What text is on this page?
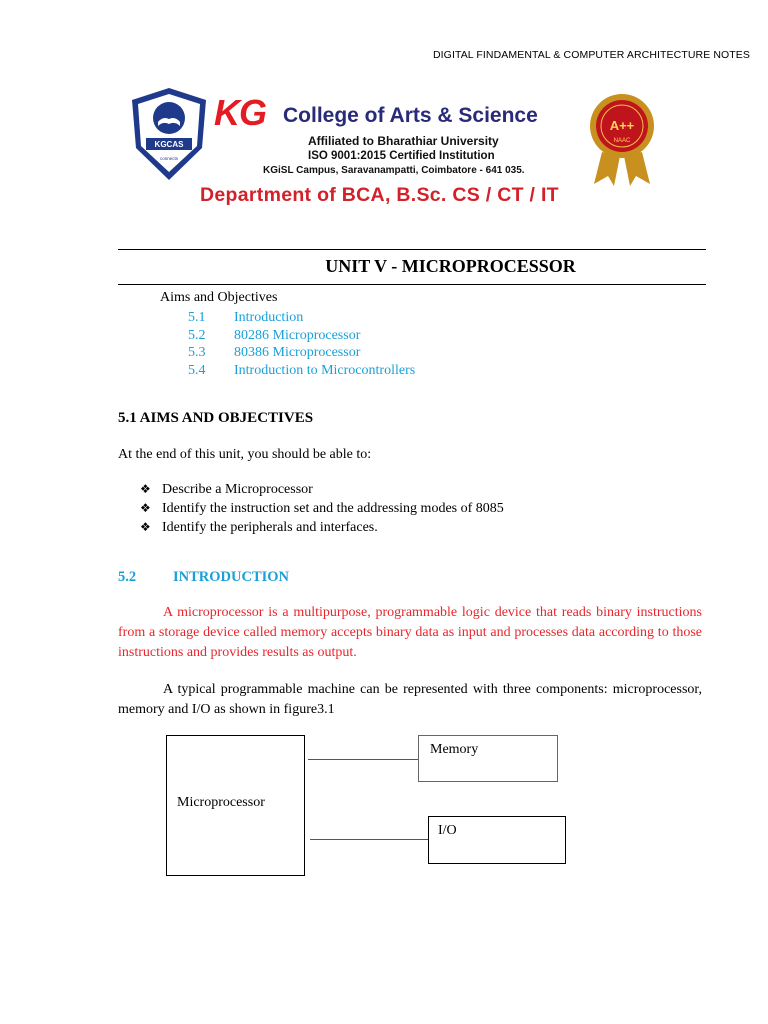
DIGITAL FINDAMENTAL & COMPUTER ARCHITECTURE NOTES
KGCAS
connects
KG College of Arts & Science
Affiliated to Bharathiar University
ISO 9001:2015 Certified Institution
KGiSL Campus, Saravanampatti, Coimbatore - 641 035.
Department of BCA, B.Sc. CS / CT / IT
A++
NAAC
UNIT V - MICROPROCESSOR
Aims and Objectives
5.1 Introduction
5.2 80286 Microprocessor
5.3 80386 Microprocessor
5.4 Introduction to Microcontrollers
5.1 AIMS AND OBJECTIVES
At the end of this unit, you should be able to:
❖ Describe a Microprocessor
❖ Identify the instruction set and the addressing modes of 8085
❖ Identify the peripherals and interfaces.
5.2	INTRODUCTION
A microprocessor is a multipurpose, programmable logic device that reads binary instructions from a storage device called memory accepts binary data as input and processes data according to those instructions and provides results as output.
A typical programmable machine can be represented with three components: microprocessor, memory and I/O as shown in figure3.1
Microprocessor
Memory
I/O
